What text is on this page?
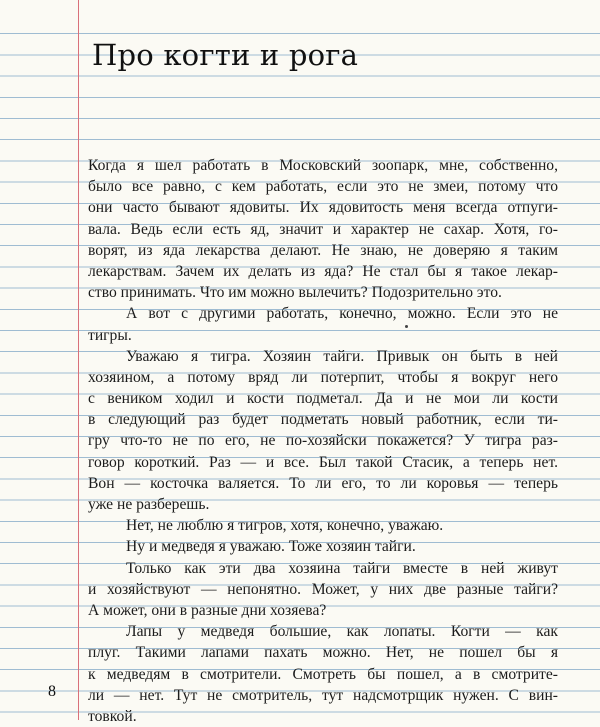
Про когти и рога
Когда я шел работать в Московский зоопарк, мне, собственно,
было все равно, с кем работать, если это не змеи, потому что
они часто бывают ядовиты. Их ядовитость меня всегда отпуги-
вала. Ведь если есть яд, значит и характер не сахар. Хотя, го-
ворят, из яда лекарства делают. Не знаю, не доверяю я таким
лекарствам. Зачем их делать из яда? Не стал бы я такое лекар-
ство принимать. Что им можно вылечить? Подозрительно это.
А вот с другими работать, конечно, можно. Если это не
тигры.
Уважаю я тигра. Хозяин тайги. Привык он быть в ней
хозяином, а потому вряд ли потерпит, чтобы я вокруг него
с веником ходил и кости подметал. Да и не мои ли кости
в следующий раз будет подметать новый работник, если ти-
гру что-то не по его, не по-хозяйски покажется? У тигра раз-
говор короткий. Раз — и все. Был такой Стасик, а теперь нет.
Вон — косточка валяется. То ли его, то ли коровья — теперь
уже не разберешь.
Нет, не люблю я тигров, хотя, конечно, уважаю.
Ну и медведя я уважаю. Тоже хозяин тайги.
Только как эти два хозяина тайги вместе в ней живут
и хозяйствуют — непонятно. Может, у них две разные тайги?
А может, они в разные дни хозяева?
Лапы у медведя большие, как лопаты. Когти — как
плуг. Такими лапами пахать можно. Нет, не пошел бы я
к медведям в смотрители. Смотреть бы пошел, а в смотрите-
ли — нет. Тут не смотритель, тут надсмотрщик нужен. С вин-
товкой.
8
